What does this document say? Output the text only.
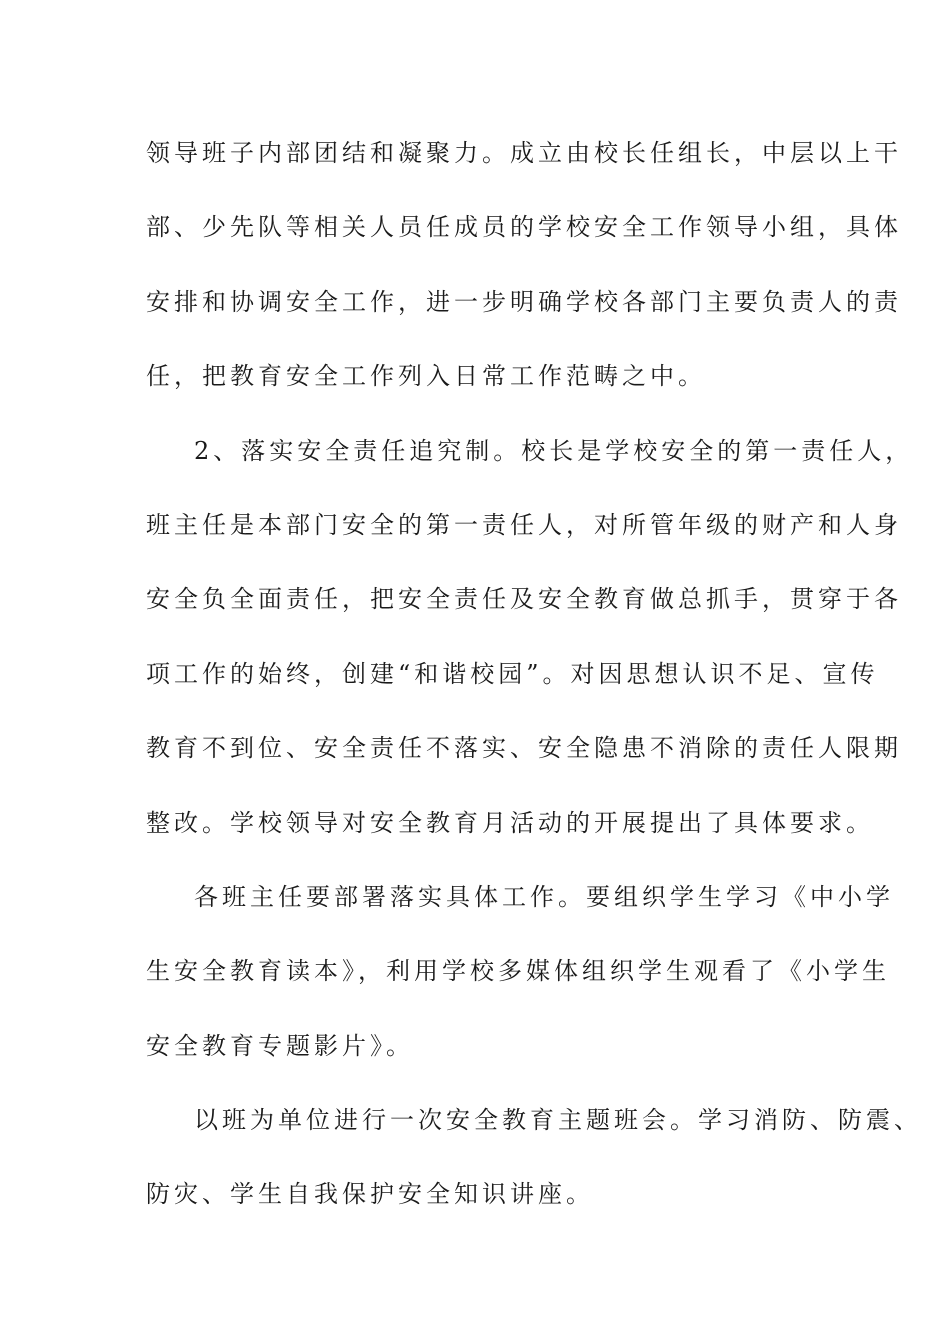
领导班子内部团结和凝聚力。成立由校长任组长，中层以上干
部、少先队等相关人员任成员的学校安全工作领导小组，具体
安排和协调安全工作，进一步明确学校各部门主要负责人的责
任，把教育安全工作列入日常工作范畴之中。
2、落实安全责任追究制。校长是学校安全的第一责任人，
班主任是本部门安全的第一责任人，对所管年级的财产和人身
安全负全面责任，把安全责任及安全教育做总抓手，贯穿于各
项工作的始终，创建“和谐校园”。对因思想认识不足、宣传
教育不到位、安全责任不落实、安全隐患不消除的责任人限期
整改。学校领导对安全教育月活动的开展提出了具体要求。
各班主任要部署落实具体工作。要组织学生学习《中小学
生安全教育读本》，利用学校多媒体组织学生观看了《小学生
安全教育专题影片》。
以班为单位进行一次安全教育主题班会。学习消防、防震、
防灾、学生自我保护安全知识讲座。
